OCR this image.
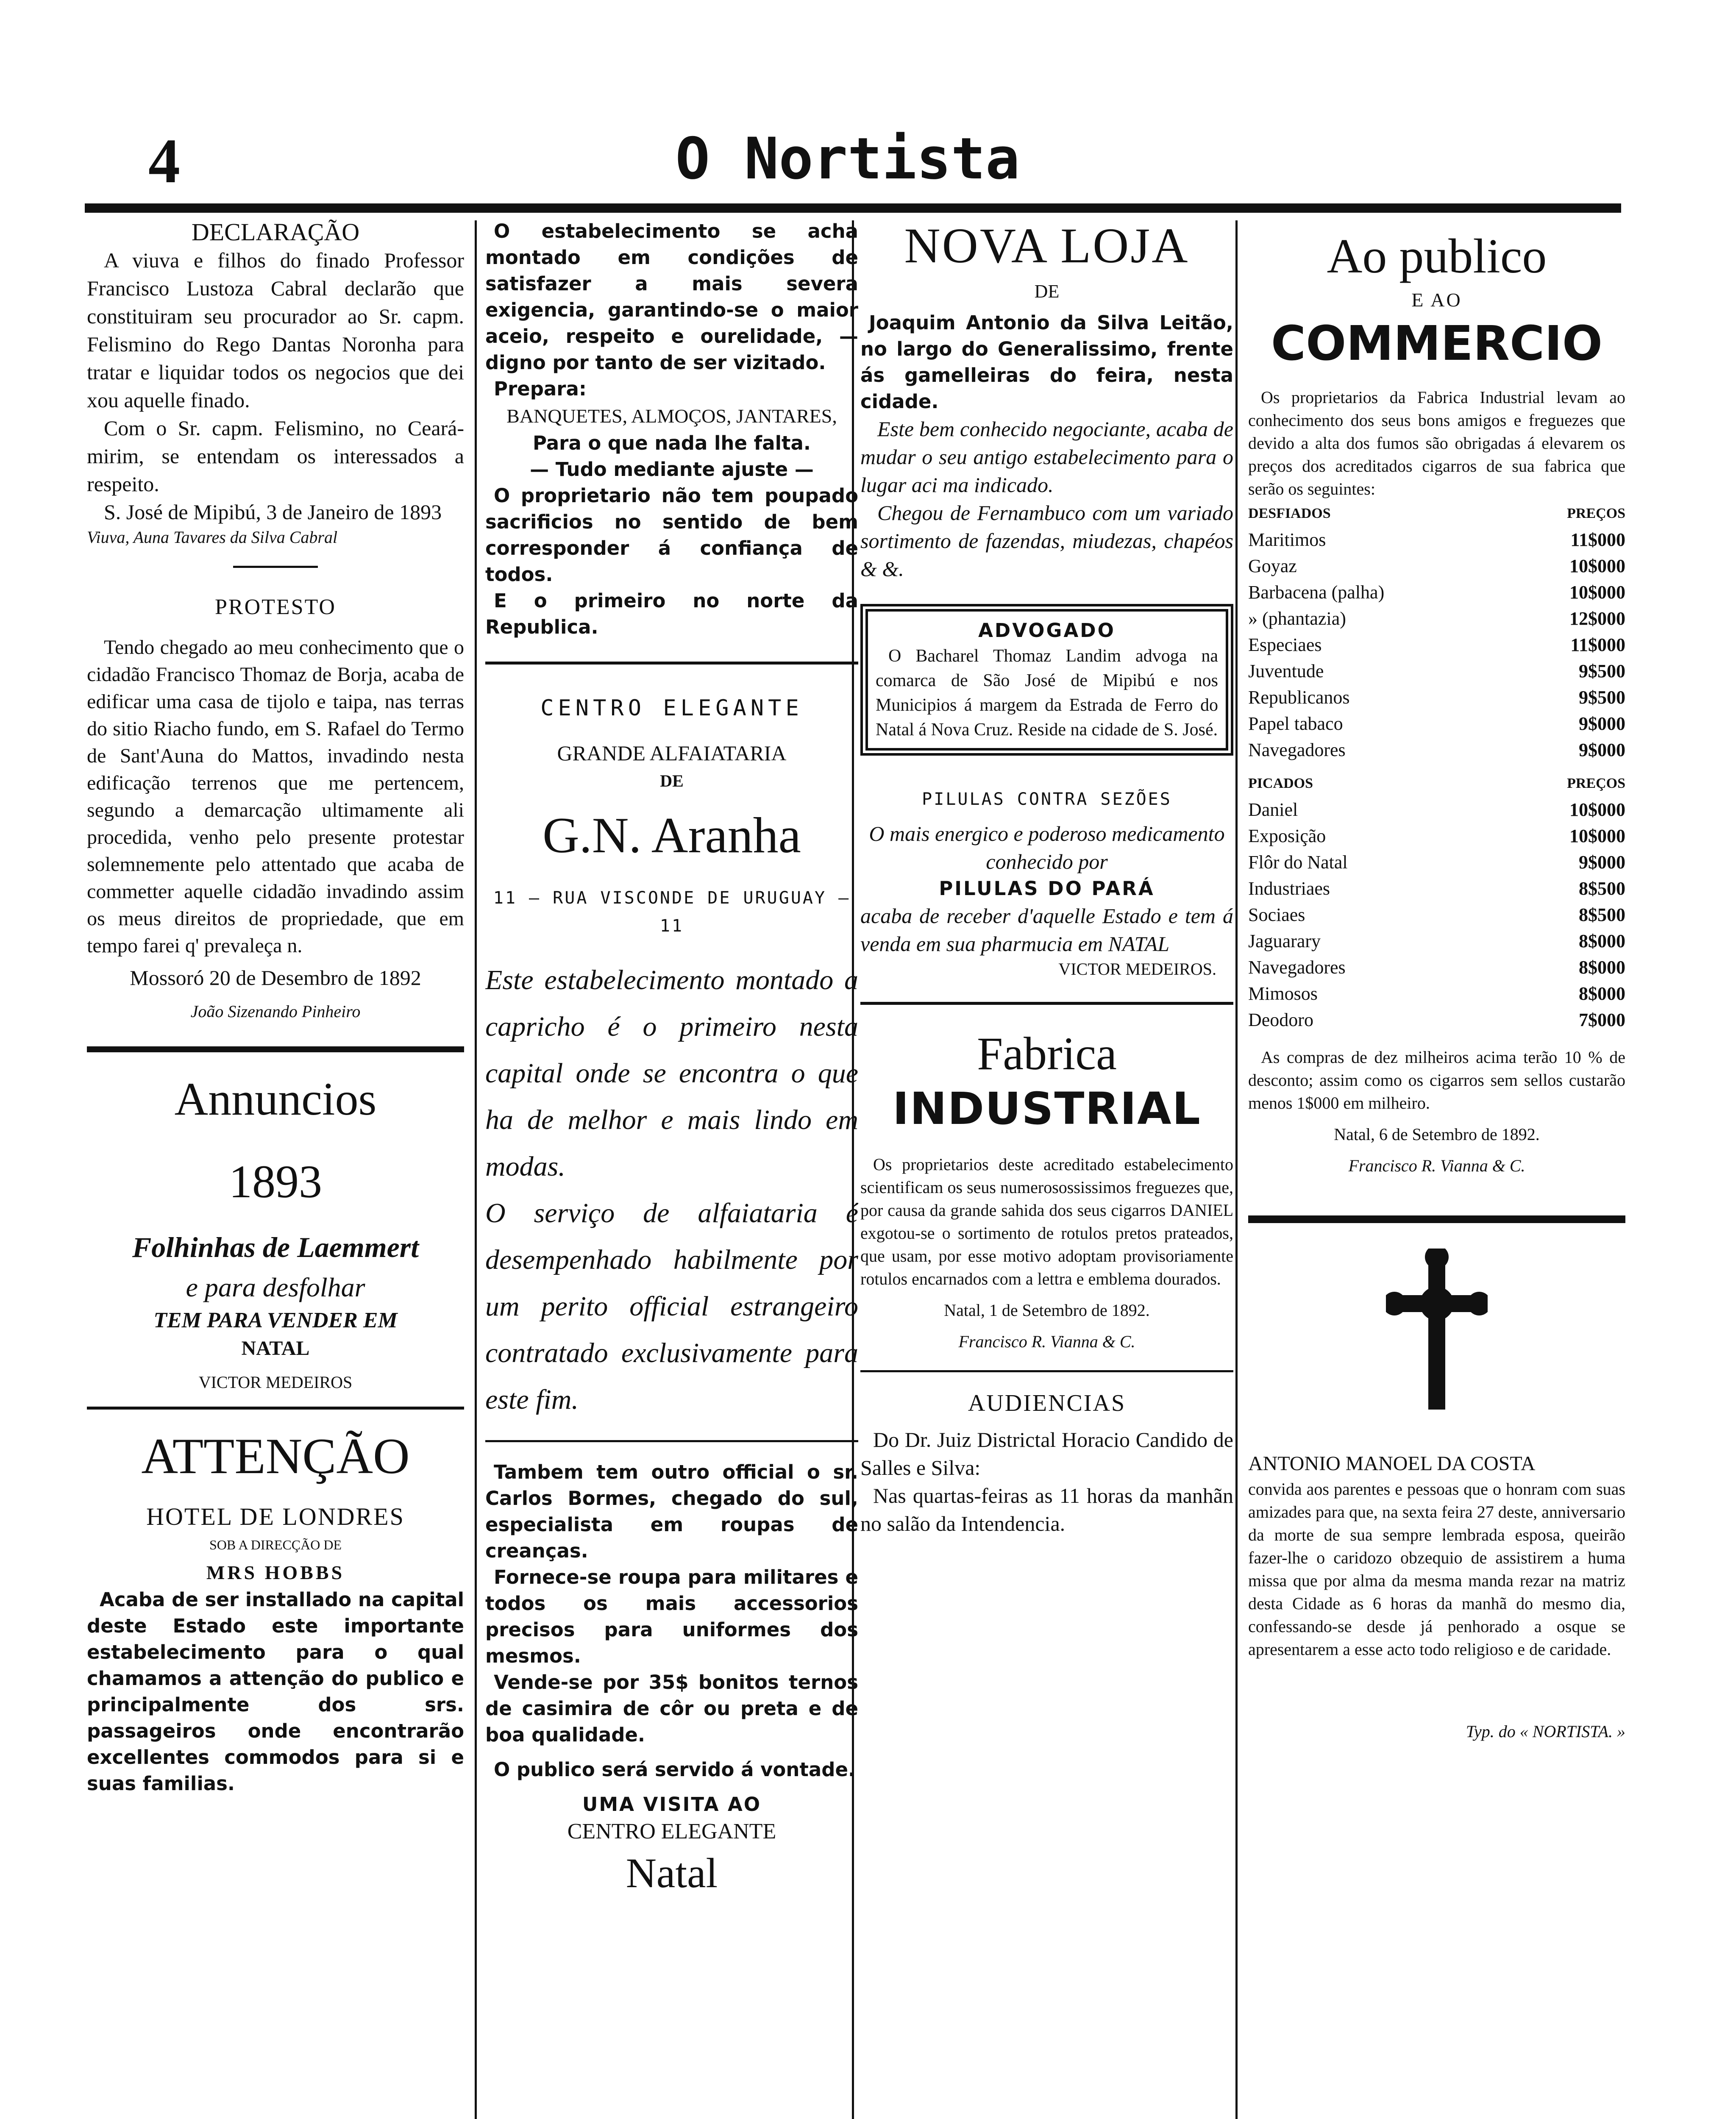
4	O Nortista
DECLARAÇÃO

A viuva e filhos do finado Professor Francisco Lustoza Cabral declarão que constituiram seu procurador ao Sr. capm. Felismino do Rego Dantas Noronha para tratar e liquidar todos os negocios que dei xou aquelle finado.

Com o Sr. capm. Felismino, no Ceará-mirim, se entendam os interessados a respeito.

S. José de Mipibú, 3 de Janeiro de 1893

Viuva, Auna Tavares da Silva Cabral

PROTESTO

Tendo chegado ao meu conhecimento que o cidadão Francisco Thomaz de Borja, acaba de edificar uma casa de tijolo e taipa, nas terras do sitio Riacho fundo, em S. Rafael do Termo de Sant'Auna do Mattos, invadindo nesta edificação terrenos que me pertencem, segundo a demarcação ultimamente ali procedida, venho pelo presente protestar solemnemente pelo attentado que acaba de commetter aquelle cidadão invadindo assim os meus direitos de propriedade, que em tempo farei q' prevaleça n.

Mossoró 20 de Desembro de 1892

João Sizenando Pinheiro

Annuncios
1893
Folhinhas de Laemmert
e para desfolhar
TEM PARA VENDER EM
NATAL
VICTOR MEDEIROS
ATTENÇÃO
HOTEL DE LONDRES
SOB A DIRECÇÃO DE
MRS HOBBS

Acaba de ser installado na capital deste Estado este importante estabelecimento para o qual chamamos a attenção do publico e principalmente dos srs. passageiros onde encontrarão excellentes commodos para si e suas familias.

O estabelecimento se acha montado em condições de satisfazer a mais severa exigencia, garantindo-se o maior aceio, respeito e ourelidade, — digno por tanto de ser vizitado.

Prepara:

BANQUETES, ALMOÇOS, JANTARES,

Para o que nada lhe falta.

— Tudo mediante ajuste —

O proprietario não tem poupado sacrificios no sentido de bem corresponder á confiança de todos.

E o primeiro no norte da Republica.

CENTRO ELEGANTE
GRANDE ALFAIATARIA
DE
G.N. Aranha
11 — RUA VISCONDE DE URUGUAY — 11

Este estabelecimento montado a capricho é o primeiro nesta capital onde se encontra o que ha de melhor e mais lindo em modas.

O serviço de alfaiataria é desempenhado habilmente por um perito official estrangeiro contratado exclusivamente para este fim.

Tambem tem outro official o sr. Carlos Bormes, chegado do sul, especialista em roupas de creanças.

Fornece-se roupa para militares e todos os mais accessorios precisos para uniformes dos mesmos.

Vende-se por 35$ bonitos ternos de casimira de côr ou preta e de boa qualidade.

O publico será servido á vontade.

UMA VISITA AO
CENTRO ELEGANTE
Natal
NOVA LOJA
DE

Joaquim Antonio da Silva Leitão, no largo do Generalissimo, frente ás gamelleiras do feira, nesta cidade.

Este bem conhecido negociante, acaba de mudar o seu antigo estabelecimento para o lugar aci ma indicado.

Chegou de Fernambuco com um variado sortimento de fazendas, miudezas, chapéos & &.

ADVOGADO

O Bacharel Thomaz Landim advoga na comarca de São José de Mipibú e nos Municipios á margem da Estrada de Ferro do Natal á Nova Cruz. Reside na cidade de S. José.

PILULAS CONTRA SEZÕES

O mais energico e poderoso medicamento conhecido por

PILULAS DO PARÁ

acaba de receber d'aquelle Estado e tem á venda em sua pharmucia em NATAL

VICTOR MEDEIROS.
Fabrica
INDUSTRIAL

Os proprietarios deste acreditado estabelecimento scientificam os seus numerosossissimos freguezes que, por causa da grande sahida dos seus cigarros DANIEL exgotou-se o sortimento de rotulos pretos prateados, que usam, por esse motivo adoptam provisoriamente rotulos encarnados com a lettra e emblema dourados.

Natal, 1 de Setembro de 1892.

Francisco R. Vianna & C.

AUDIENCIAS

Do Dr. Juiz Districtal Horacio Candido de Salles e Silva:

Nas quartas-feiras as 11 horas da manhãn no salão da Intendencia.

Ao publico
E AO
COMMERCIO

Os proprietarios da Fabrica Industrial levam ao conhecimento dos seus bons amigos e freguezes que devido a alta dos fumos são obrigadas á elevarem os preços dos acreditados cigarros de sua fabrica que serão os seguintes:

DESFIADOS	PREÇOS
Maritimos	11$000
Goyaz	10$000
Barbacena (palha)	10$000
» (phantazia)	12$000
Especiaes	11$000
Juventude	9$500
Republicanos	9$500
Papel tabaco	9$000
Navegadores	9$000
PICADOS	PREÇOS
Daniel	10$000
Exposição	10$000
Flôr do Natal	9$000
Industriaes	8$500
Sociaes	8$500
Jaguarary	8$000
Navegadores	8$000
Mimosos	8$000
Deodoro	7$000

As compras de dez milheiros acima terão 10 % de desconto; assim como os cigarros sem sellos custarão menos 1$000 em milheiro.

Natal, 6 de Setembro de 1892.

Francisco R. Vianna & C.

ANTONIO MANOEL DA COSTA

convida aos parentes e pessoas que o honram com suas amizades para que, na sexta feira 27 deste, anniversario da morte de sua sempre lembrada esposa, queirão fazer-lhe o caridozo obzequio de assistirem a huma missa que por alma da mesma manda rezar na matriz desta Cidade as 6 horas da manhã do mesmo dia, confessando-se desde já penhorado a osque se apresentarem a esse acto todo religioso e de caridade.

Typ. do « NORTISTA. »
